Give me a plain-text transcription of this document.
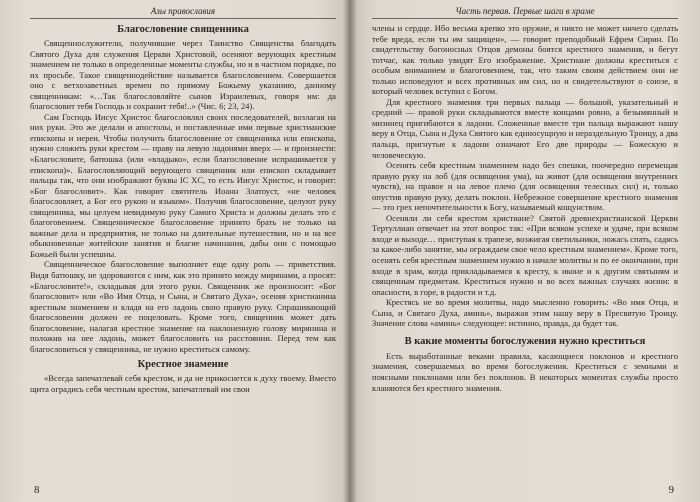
Азы православия
Благословение священника

Священнослужители, получившие через Таинство Священства благодать Святого Духа для служения Церкви Христовой, осеняют верующих крестным знамением не только в определенные моменты службы, но и в частном порядке, по их просьбе. Такое священнодействие называется благословением. Совершается оно с ветхозаветных времен по прямому Божьему указанию, данному священникам: «…Так благословляйте сынов Израилевых, говоря им: да благословит тебя Господь и сохранит тебя!..» (Чис. 6; 23, 24).

Сам Господь Иисус Христос благословлял своих последователей, возлагая на них руки. Это же делали и апостолы, и поставленные ими первые христианские епископы и иереи. Чтобы получить благословение от священника или епископа, нужно сложить руки крестом — праву на левую ладонями вверх — и произнести: «Благословите, батюшка (или «владыко», если благословение испрашивается у епископа)». Благословляющий верующего священник или епископ складывает пальцы так, что они изображают буквы IC XC, то есть Иисус Христос, и говорит: «Бог благословит». Как говорит святитель Иоанн Златоуст, «не человек благословляет, а Бог его рукою и языком». Получив благословение, целуют руку священника, мы целуем невидимую руку Самого Христа и должны делать это с благоговением. Священническое благословение принято брать не только на важные дела и предприятия, не только на длительные путешествия, но и на все обыкновенные житейские занятия и благие начинания, дабы они с помощью Божьей были успешны.

Священническое благословение выполняет еще одну роль — приветствия. Видя батюшку, не здороваются с ним, как это принято между мирянами, а просят: «Благословите!», складывая для этого руки. Священник же произносит: «Бог благословит» или «Во Имя Отца, и Сына, и Святаго Духа», осеняя христианина крестным знамением и кладя на его ладонь свою правую руку. Спрашивающий благословения должен ее поцеловать. Кроме того, священник может дать благословение, налагая крестное знамение на наклоненную голову мирянина и положив на нее ладонь, может благословить на расстоянии. Перед тем как благословиться у священника, не нужно креститься самому.

Крестное знамение

«Всегда запечатлевай себя крестом, и да не прикоснется к духу твоему. Вместо щита оградись себя честным крестом, запечатлевай им свои

8
Часть первая. Первые шаги в храме

члены и сердце. Ибо весьма крепко это оружие, и никто не может ничего сделать тебе вреда, если ты им защищен», — говорит преподобный Ефрем Сирин. По свидетельству богоносных Отцов демоны боятся крестного знамения, и бегут тотчас, как только увидят Его изображение. Христиане должны креститься с особым вниманием и благоговением, так, что таким своим действием они не только исповедуют и всех противных им сил, но и свидетельствуют о союзе, в который человек вступил с Богом.

Для крестного знамения три первых пальца — большой, указательный и средний — правой руки складываются вместе концами ровно, а безымянный и мизинец пригибаются к ладони. Сложенные вместе три пальца выражают нашу веру в Отца, Сына и Духа Святого как единосущную и нераздельную Троицу, а два пальца, пригнутые к ладони означают Его две природы — Божескую и человеческую.

Осенять себя крестным знамением надо без спешки, поочередно перемещая правую руку на лоб (для освящения ума), на живот (для освящения внутренних чувств), на правое и на левое плечо (для освящения телесных сил) и, только опустив правую руку, делать поклон. Небрежное совершение крестного знамения — это грех непочтительности к Богу, называемый кощунством.

Осеняли ли себя крестом христиане? Святой древнехристианской Церкви Тертуллиан отвечает на этот вопрос так: «При всяком успехе и удаче, при всяком входе и выходе… приступая к трапезе, возжигая светильники, ложась спать, садясь за какое-либо занятие, мы ограждаем свое чело крестным знамением». Кроме того, осенять себя крестным знамением нужно в начале молитвы и по ее окончании, при входе в храм, когда прикладываемся к кресту, к иконе и к другим святыням и священным предметам. Креститься нужно и во всех важных случаях жизни: в опасности, в горе, в радости и т.д.

Крестясь не во время молитвы, надо мысленно говорить: «Во имя Отца, и Сына, и Святаго Духа, аминь», выражая этим нашу веру в Пресвятую Троицу. Значение слова «аминь» следующее: истинно, правда, да будет так.

В какие моменты богослужения нужно креститься

Есть выработанные веками правила, касающиеся поклонов и крестного знамения, совершаемых во время богослужения. Креститься с земными и поясными поклонами или без поклонов. В некоторых моментах службы просто кланяются без крестного знамения.

9
